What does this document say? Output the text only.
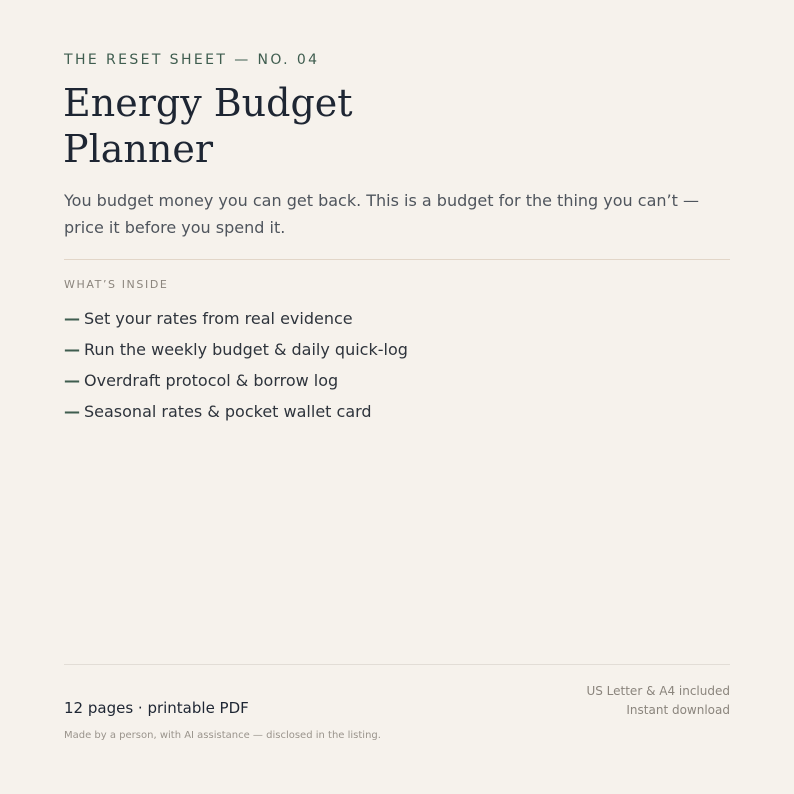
THE RESET SHEET — NO. 04
Energy Budget
Planner

You budget money you can get back. This is a budget for the thing you can’t — price it before you spend it.

WHAT’S INSIDE
— Set your rates from real evidence
— Run the weekly budget & daily quick-log
— Overdraft protocol & borrow log
— Seasonal rates & pocket wallet card
US Letter & A4 included
Instant download
12 pages · printable PDF
Made by a person, with AI assistance — disclosed in the listing.
